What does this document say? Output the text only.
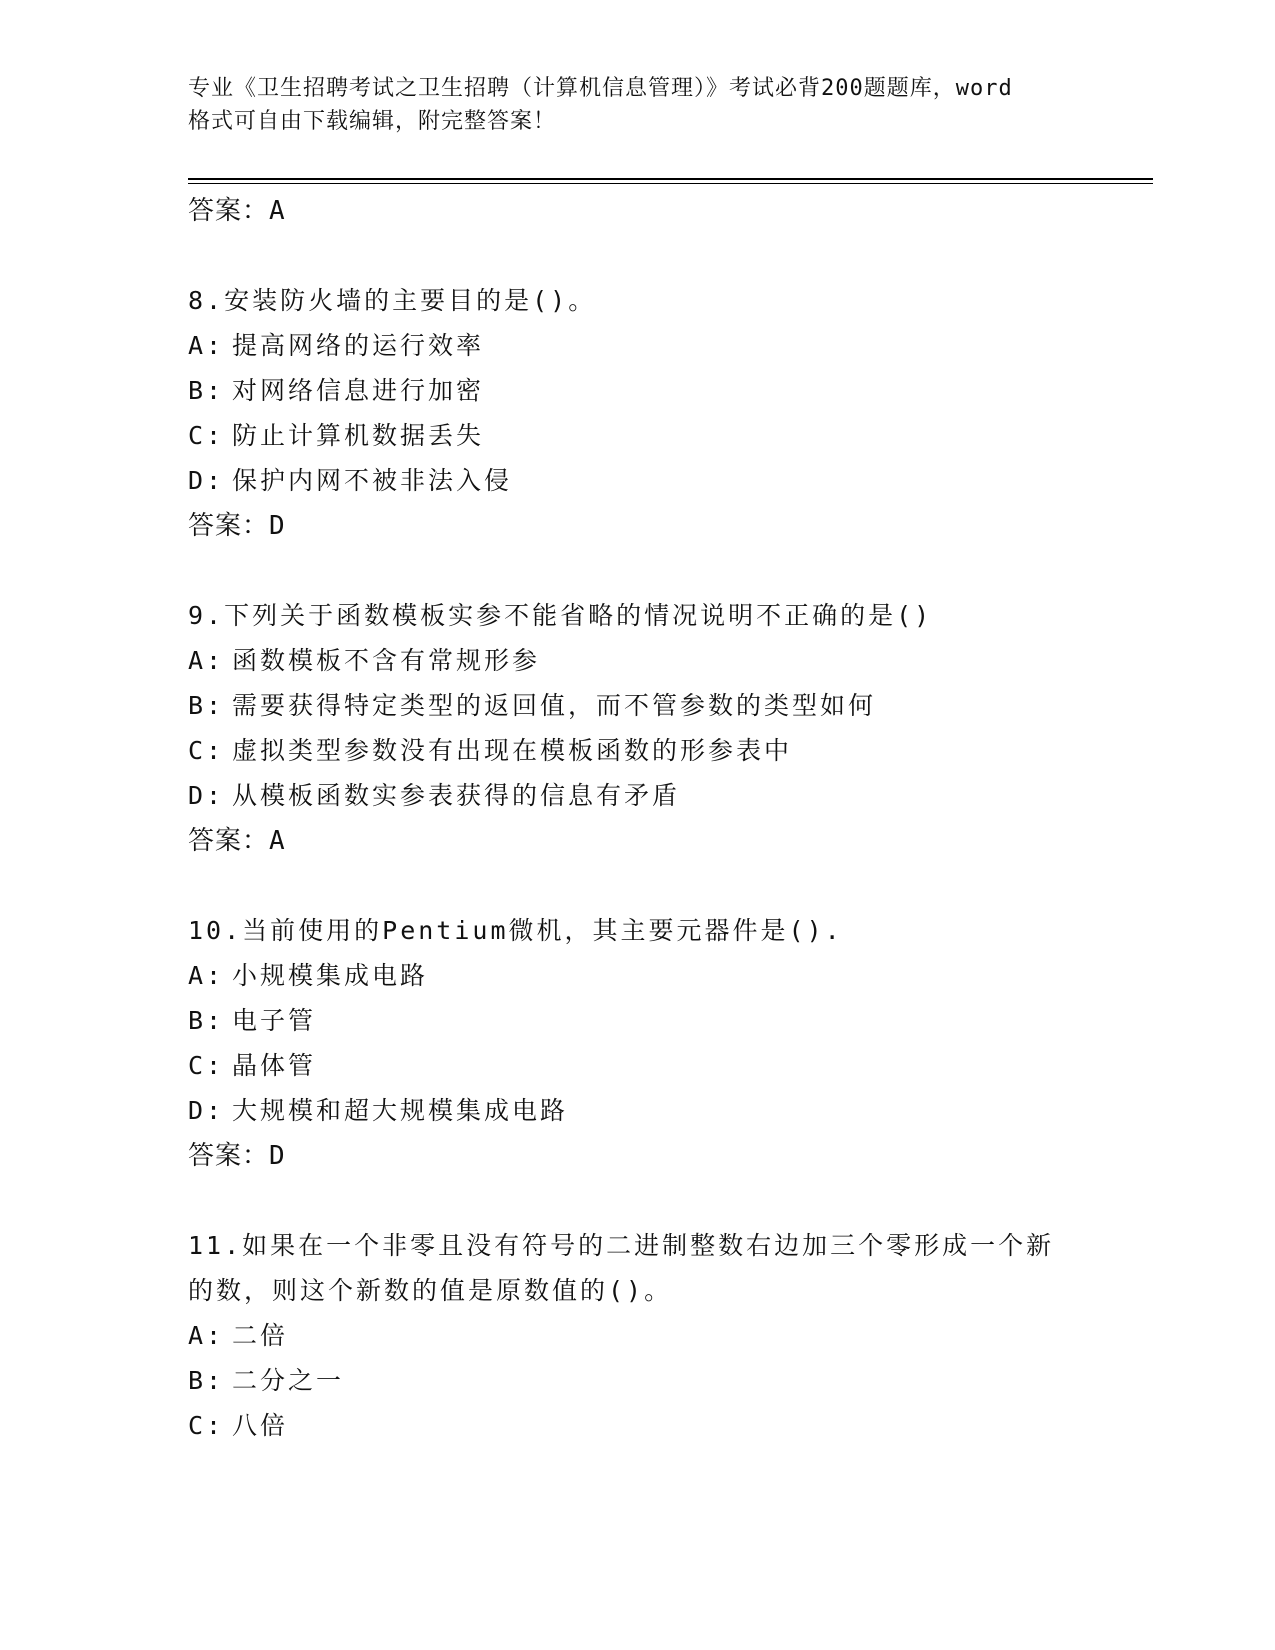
专业《卫生招聘考试之卫生招聘（计算机信息管理）》考试必背200题题库，word
格式可自由下载编辑，附完整答案！
答案：A
8.安装防火墙的主要目的是()。
A: 提高网络的运行效率
B: 对网络信息进行加密
C: 防止计算机数据丢失
D: 保护内网不被非法入侵
答案：D
9.下列关于函数模板实参不能省略的情况说明不正确的是()
A: 函数模板不含有常规形参
B: 需要获得特定类型的返回值，而不管参数的类型如何
C: 虚拟类型参数没有出现在模板函数的形参表中
D: 从模板函数实参表获得的信息有矛盾
答案：A
10.当前使用的Pentium微机，其主要元器件是().
A: 小规模集成电路
B: 电子管
C: 晶体管
D: 大规模和超大规模集成电路
答案：D
11.如果在一个非零且没有符号的二进制整数右边加三个零形成一个新
的数，则这个新数的值是原数值的()。
A: 二倍
B: 二分之一
C: 八倍
